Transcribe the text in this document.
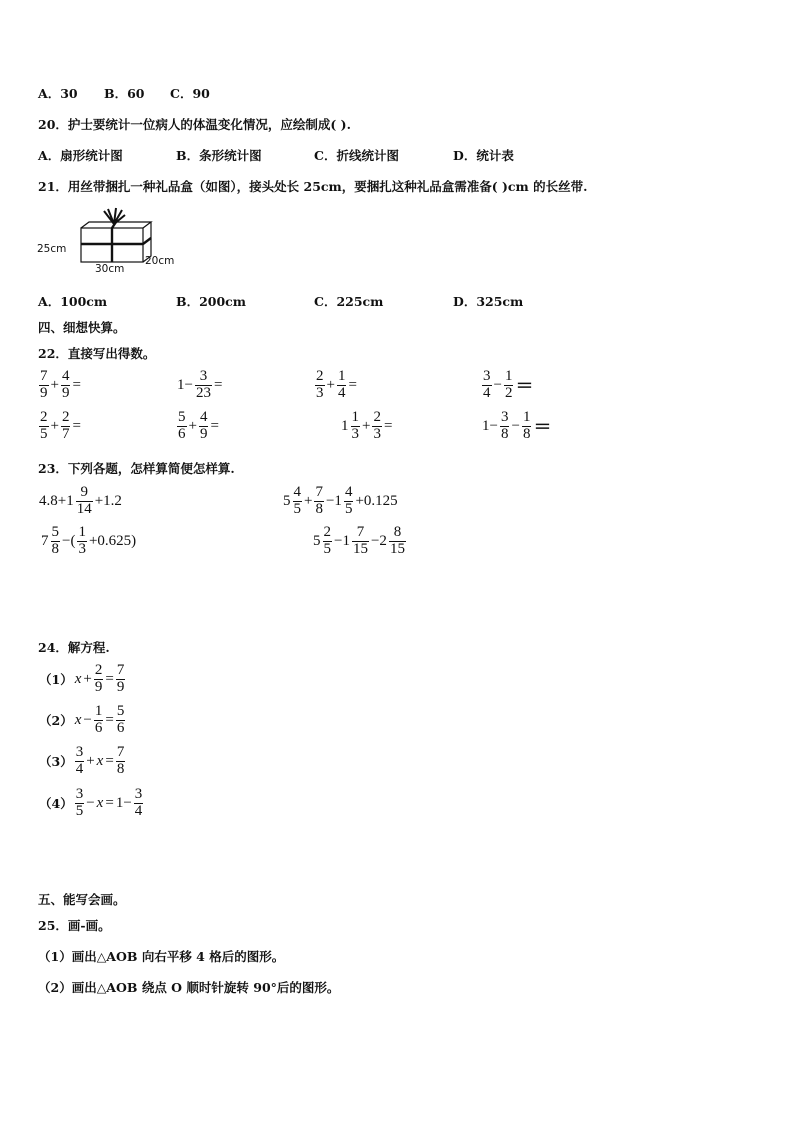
A．30 B．60 C．90
20．护士要统计一位病人的体温变化情况，应绘制成( ).
A．扇形统计图	B．条形统计图	C．折线统计图	D．统计表
21．用丝带捆扎一种礼品盒（如图），接头处长 25cm，要捆扎这种礼品盒需准备( )cm 的长丝带.
25cm
30cm
20cm
A．100cm	B．200cm	C．225cm	D．325cm
四、细想快算。
22．直接写出得数。
$\frac{7}{9} + \frac{4}{9}$ =	$1- \frac{3}{23}$ =	$\frac{2}{3} + \frac{1}{4}$ =	$\frac{3}{4} - \frac{1}{2}$ ＝
$\frac{2}{5} + \frac{2}{7}$ =	$\frac{5}{6} + \frac{4}{9}$ =	$1 \frac{1}{3} + \frac{2}{3}$ =	$1- \frac{3}{8} - \frac{1}{8}$ ＝
23．下列各题，怎样算简便怎样算.
$4.8+1 \frac{9}{14} +1.2$	$5 \frac{4}{5} + \frac{7}{8} -1 \frac{4}{5} +0.125$
$7 \frac{5}{8}$ −( $\frac{1}{3} +0.625$)	$5 \frac{2}{5} -1 \frac{7}{15} -2 \frac{8}{15}$
24．解方程.
（1） $x + \frac{2}{9} = \frac{7}{9}$
（2） $x - \frac{1}{6} = \frac{5}{6}$
$(3) \frac{3}{4} + x = \frac{7}{8}$
$(4) \frac{3}{5} - x = 1- \frac{3}{4}$
五、能写会画。
25．画-画。
（1）画出△AOB 向右平移 4 格后的图形。
（2）画出△AOB 绕点 O 顺时针旋转 90°后的图形。
